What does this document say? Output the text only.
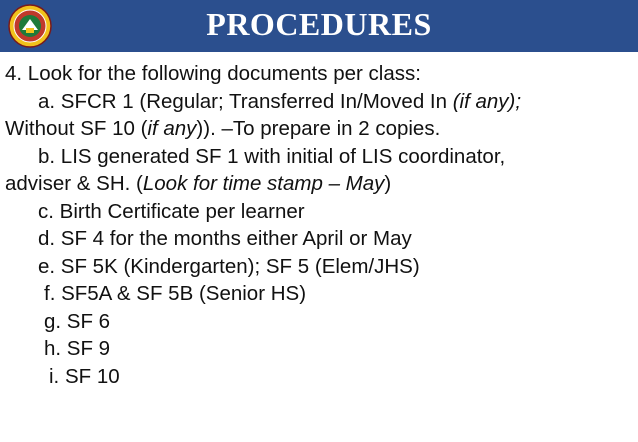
PROCEDURES
4. Look for the following documents per class:
a. SFCR 1 (Regular; Transferred In/Moved In (if any);
Without SF 10 (if any)). –To prepare in 2 copies.
b. LIS generated SF 1 with initial of LIS coordinator,
adviser & SH. (Look for time stamp – May)
c. Birth Certificate per learner
d. SF 4 for the months either April or May
e. SF 5K (Kindergarten); SF 5 (Elem/JHS)
f. SF5A & SF 5B (Senior HS)
g. SF 6
h. SF 9
i. SF 10
